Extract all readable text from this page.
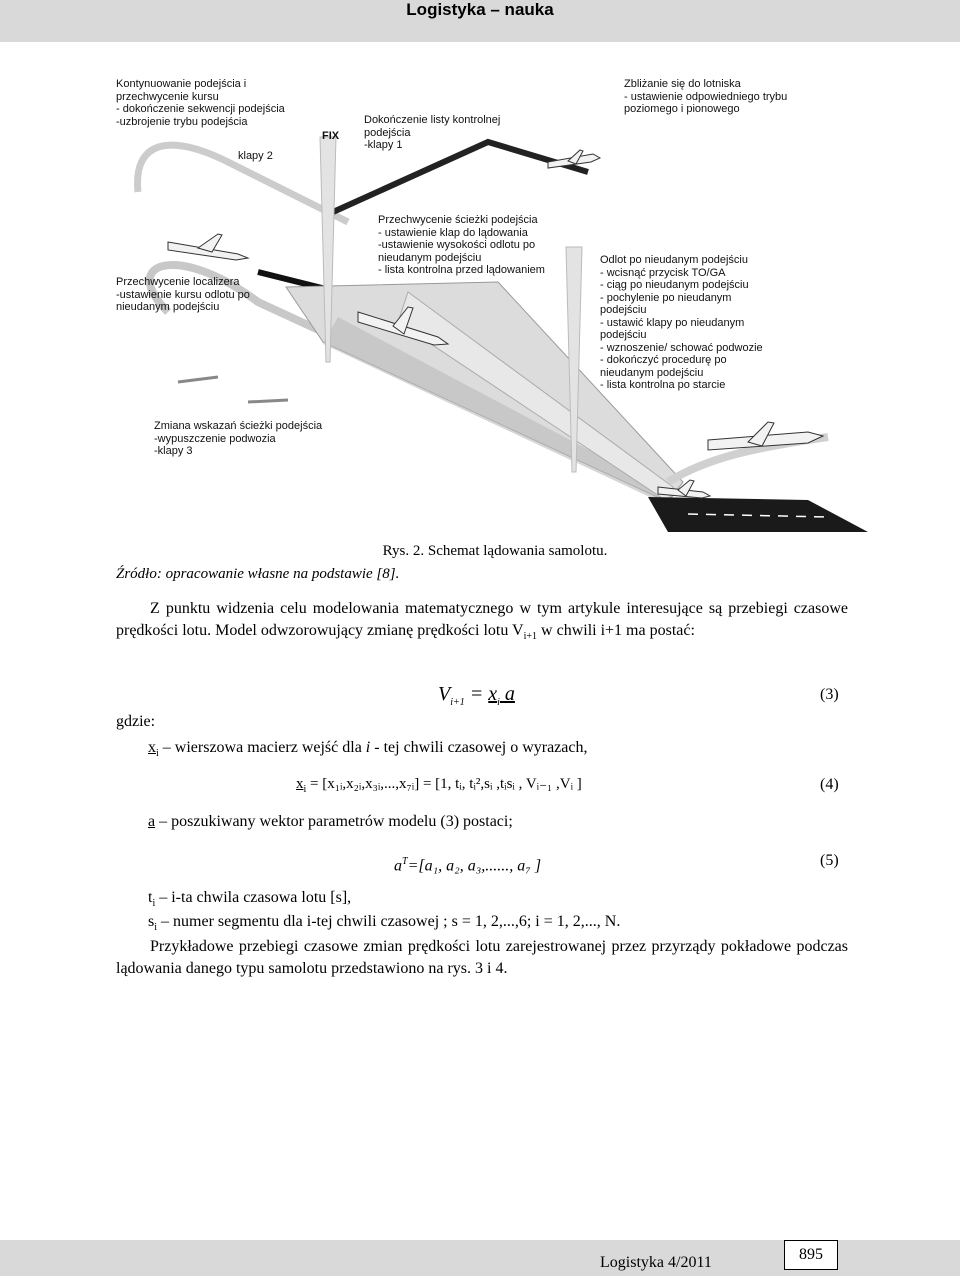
Logistyka – nauka
Kontynuowanie podejścia i
przechwycenie kursu
- dokończenie sekwencji podejścia
-uzbrojenie trybu podejścia
FIX
Dokończenie listy kontrolnej
podejścia
-klapy 1
Zbliżanie się do lotniska
- ustawienie odpowiedniego trybu
poziomego i pionowego
klapy 2
Przechwycenie ścieżki podejścia
- ustawienie klap do lądowania
-ustawienie wysokości odlotu po
nieudanym podejściu
- lista kontrolna przed lądowaniem
Przechwycenie localizera
-ustawienie kursu odlotu po
nieudanym podejściu
Odlot po nieudanym podejściu
- wcisnąć przycisk TO/GA
- ciąg po nieudanym podejściu
- pochylenie po nieudanym
podejściu
- ustawić klapy po nieudanym
podejściu
- wznoszenie/ schować podwozie
- dokończyć procedurę po
nieudanym podejściu
- lista kontrolna po starcie
Zmiana wskazań ścieżki podejścia
-wypuszczenie podwozia
-klapy 3
Rys. 2. Schemat lądowania samolotu.
Źródło: opracowanie własne na podstawie [8].
Z punktu widzenia celu modelowania matematycznego w tym artykule interesujące są przebiegi czasowe prędkości lotu. Model odwzorowujący zmianę prędkości lotu $V_{i+1}$ w chwili i+1 ma postać:
$V_{i+1} = x_i$ a	(3)
gdzie:
$x_i$ – wierszowa macierz wejść dla i - tej chwili czasowej o wyrazach,
$x_i$ = [x₁ᵢ,x₂ᵢ,x₃ᵢ,...,x₇ᵢ] = [1, tᵢ, tᵢ²,sᵢ ,tᵢsᵢ , Vᵢ₋₁ ,Vᵢ ]	(4)
a – poszukiwany wektor parametrów modelu (3) postaci;
$a^T=[a_1$, a₂, a₃,......, a₇ ]	(5)
$t_i - i-ta$ chwila czasowa lotu [s],
$s_i$ – numer segmentu dla i-tej chwili czasowej ; s = 1, 2,...,6; i = 1, 2,..., N.
Przykładowe przebiegi czasowe zmian prędkości lotu zarejestrowanej przez przyrządy pokładowe podczas lądowania danego typu samolotu przedstawiono na rys. 3 i 4.
Logistyka 4/2011	895
